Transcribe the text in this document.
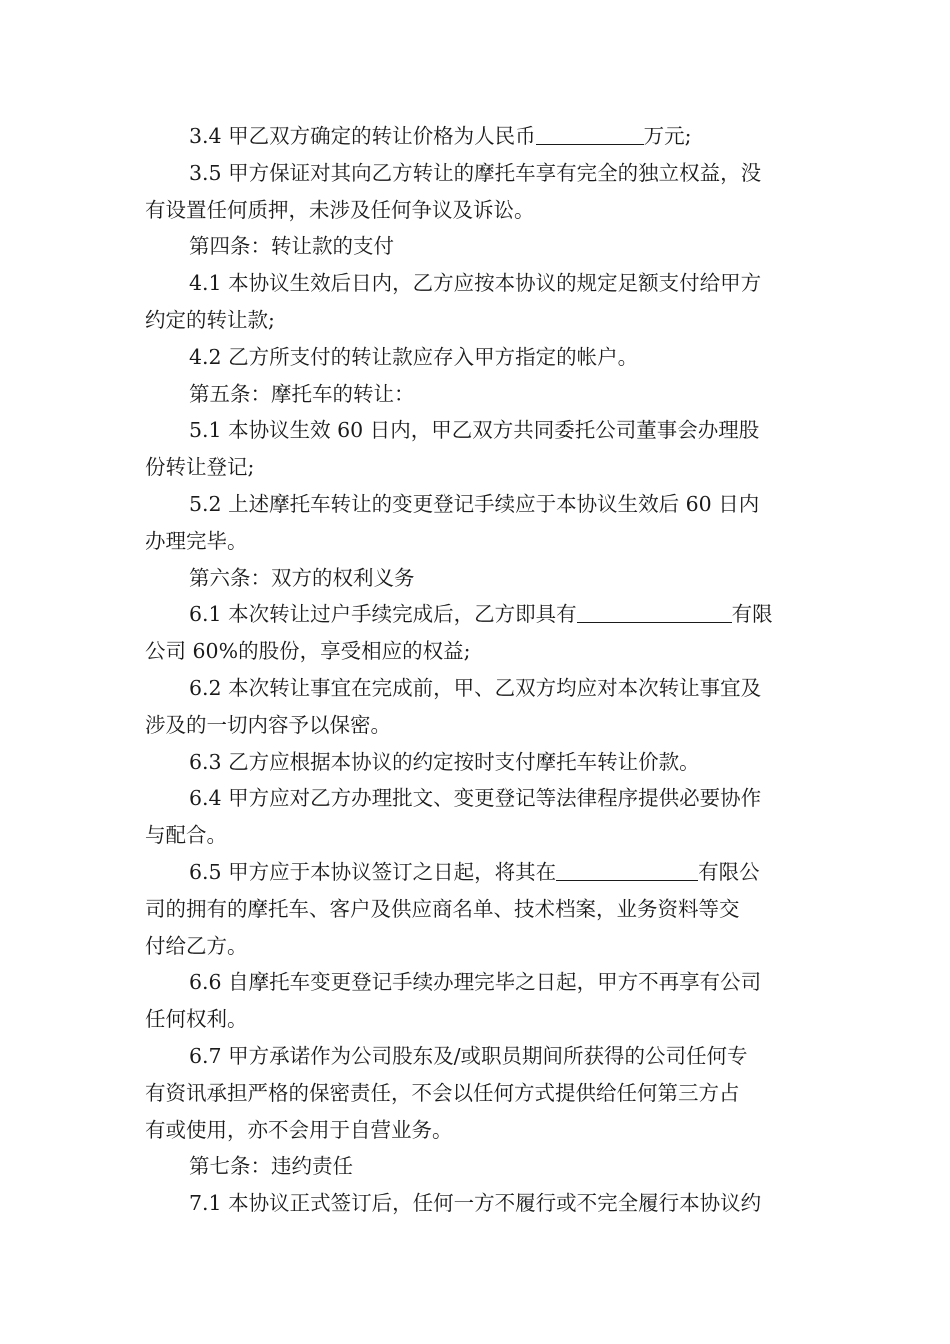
3.4 甲乙双方确定的转让价格为人民币	万元;

3.5 甲方保证对其向乙方转让的摩托车享有完全的独立权益，没

有设置任何质押，未涉及任何争议及诉讼。

第四条：转让款的支付

4.1 本协议生效后日内，乙方应按本协议的规定足额支付给甲方

约定的转让款;

4.2 乙方所支付的转让款应存入甲方指定的帐户。

第五条：摩托车的转让：

5.1 本协议生效 60 日内，甲乙双方共同委托公司董事会办理股

份转让登记;

5.2 上述摩托车转让的变更登记手续应于本协议生效后 60 日内

办理完毕。

第六条：双方的权利义务

6.1 本次转让过户手续完成后，乙方即具有	有限

公司 60%的股份，享受相应的权益;

6.2 本次转让事宜在完成前，甲、乙双方均应对本次转让事宜及

涉及的一切内容予以保密。

6.3 乙方应根据本协议的约定按时支付摩托车转让价款。

6.4 甲方应对乙方办理批文、变更登记等法律程序提供必要协作

与配合。

6.5 甲方应于本协议签订之日起，将其在	有限公

司的拥有的摩托车、客户及供应商名单、技术档案，业务资料等交
付给乙方。

6.6 自摩托车变更登记手续办理完毕之日起，甲方不再享有公司

任何权利。

6.7 甲方承诺作为公司股东及/或职员期间所获得的公司任何专

有资讯承担严格的保密责任，不会以任何方式提供给任何第三方占
有或使用，亦不会用于自营业务。

第七条：违约责任

7.1 本协议正式签订后，任何一方不履行或不完全履行本协议约
